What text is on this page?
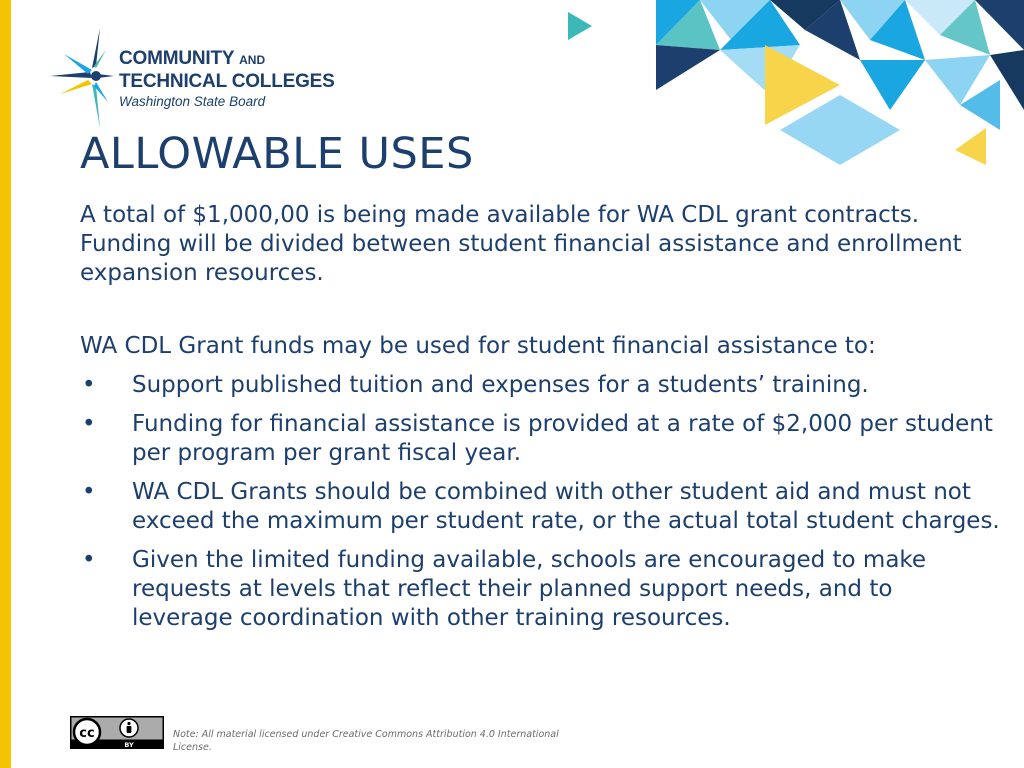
COMMUNITY AND
TECHNICAL COLLEGES
Washington State Board
ALLOWABLE USES

A total of $1,000,00 is being made available for WA CDL grant contracts. Funding will be divided between student financial assistance and enrollment expansion resources.

WA CDL Grant funds may be used for student financial assistance to:

• Support published tuition and expenses for a students’ training.
• Funding for financial assistance is provided at a rate of $2,000 per student per program per grant fiscal year.
• WA CDL Grants should be combined with other student aid and must not exceed the maximum per student rate, or the actual total student charges.
• Given the limited funding available, schools are encouraged to make requests at levels that reflect their planned support needs, and to leverage coordination with other training resources.
cc
BY
Note: All material licensed under Creative Commons Attribution 4.0 International License.
